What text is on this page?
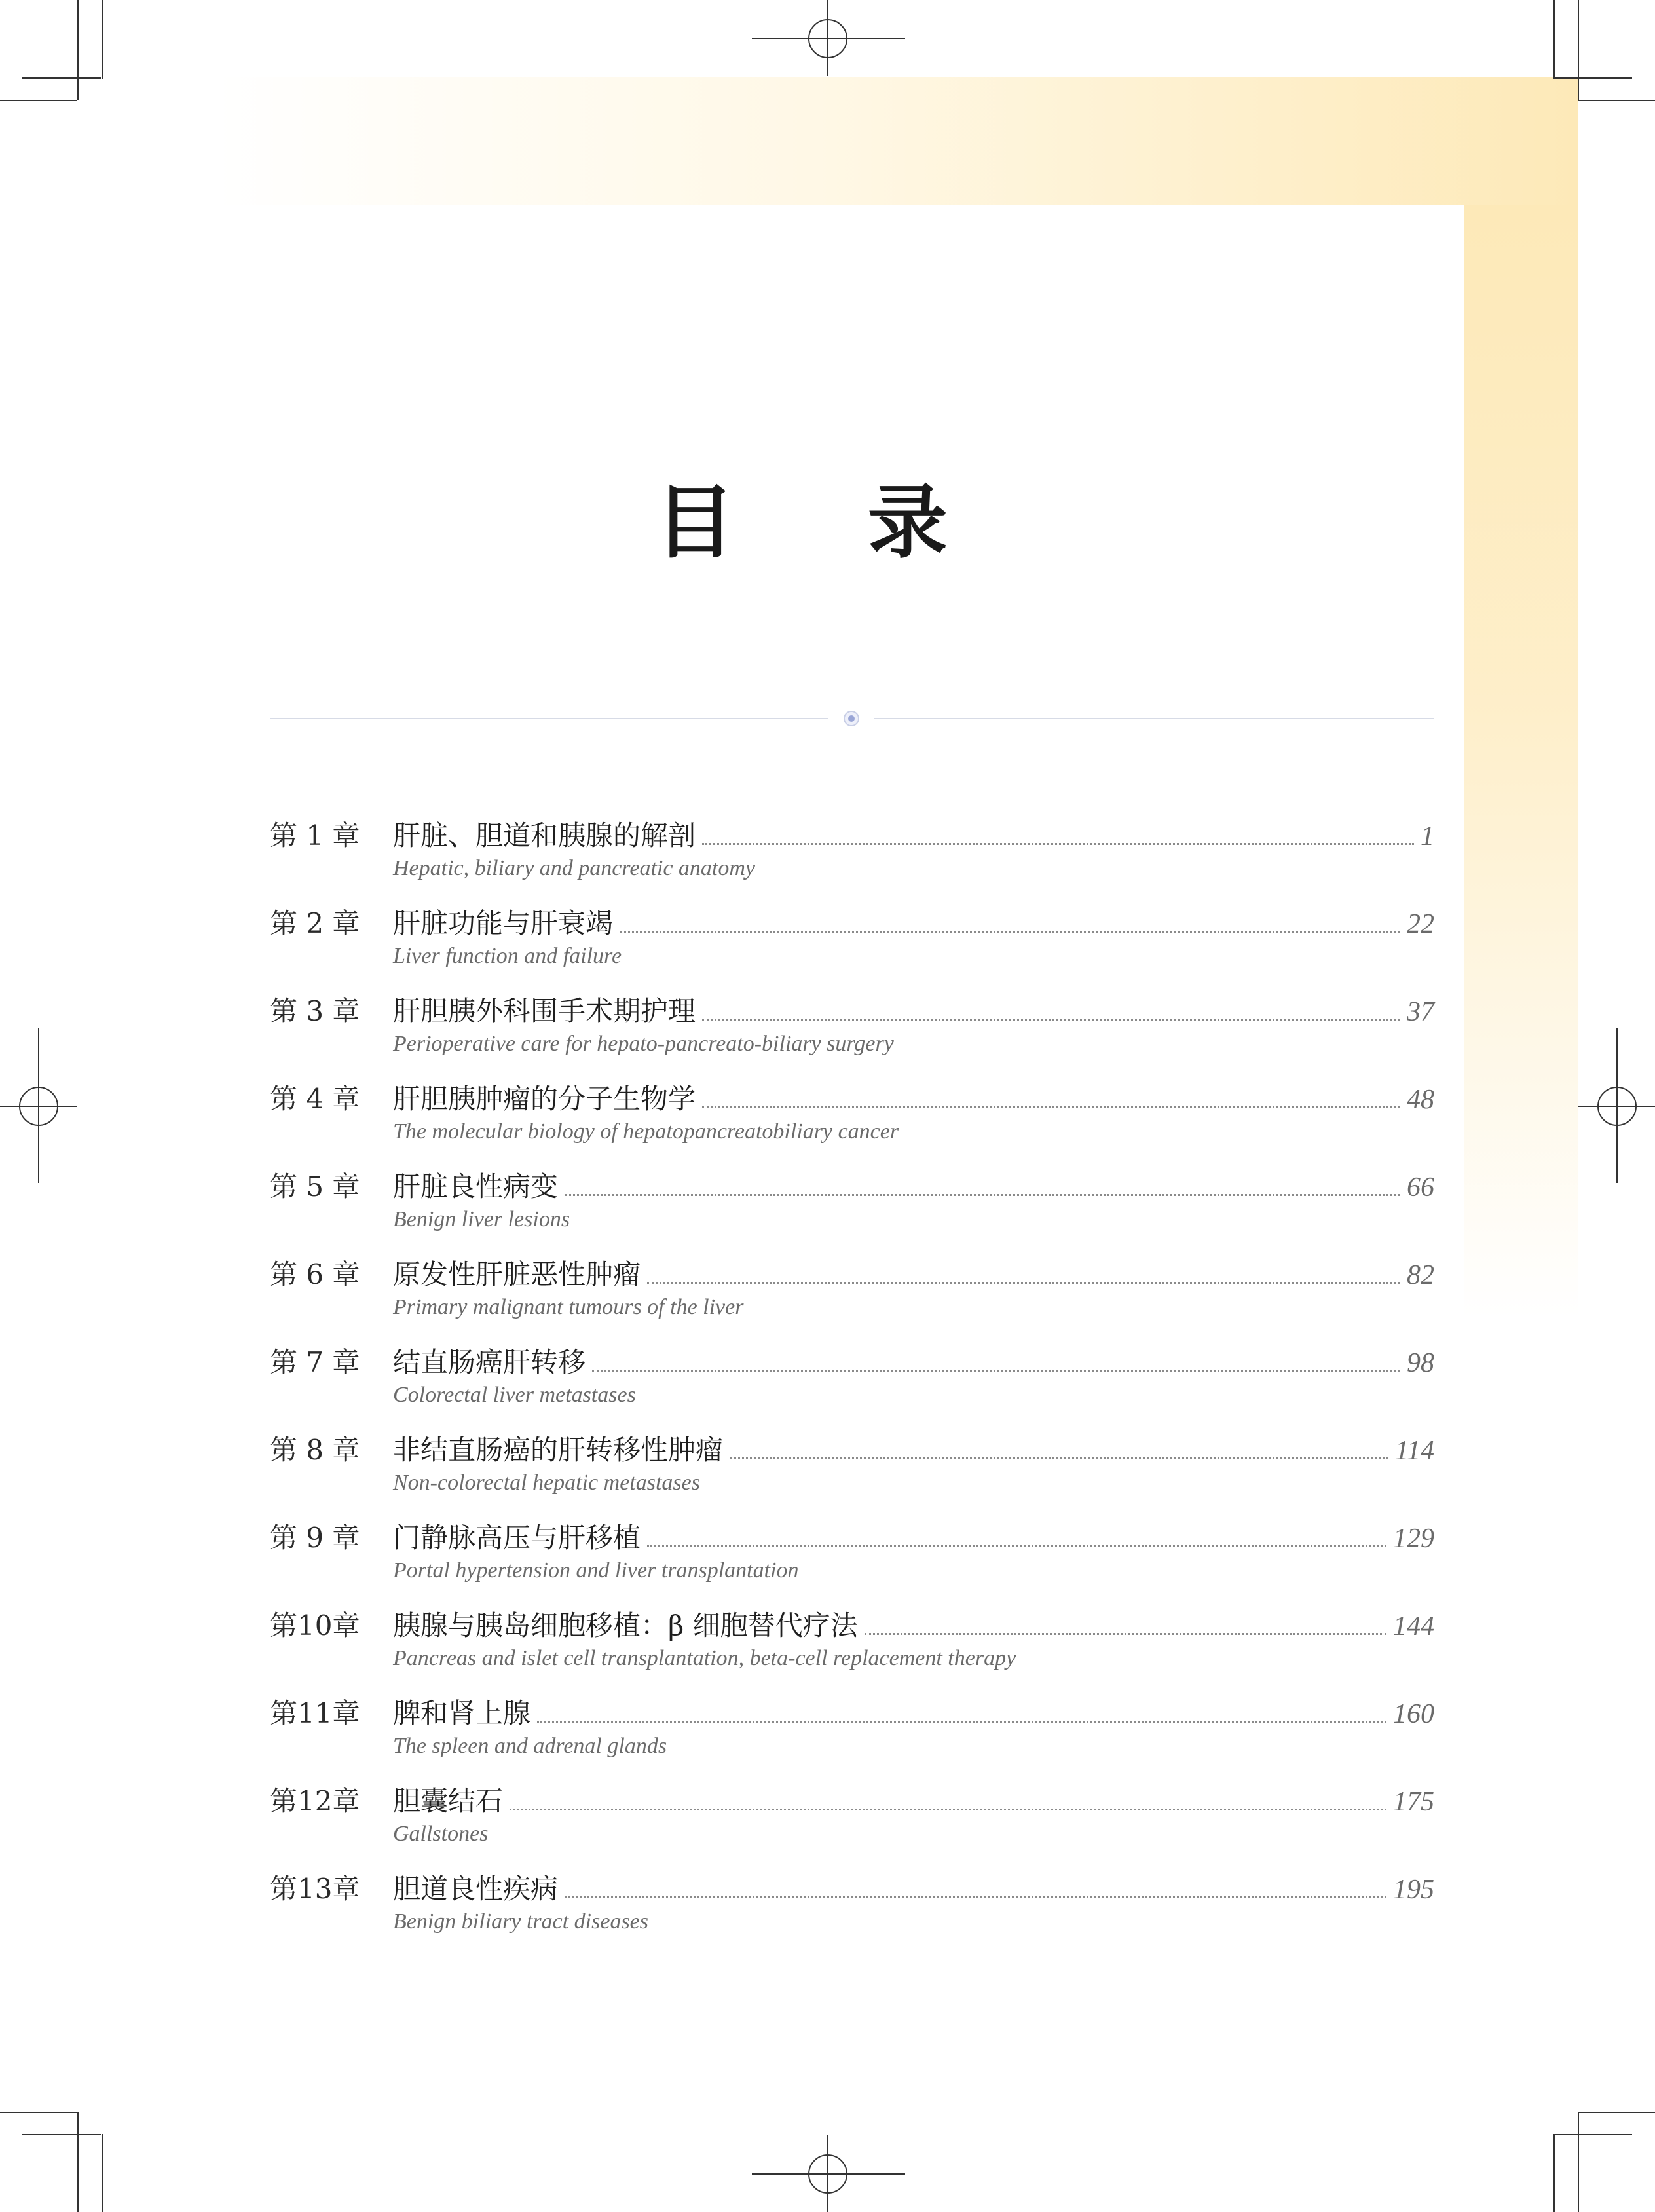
目 录
第 1 章	肝脏、胆道和胰腺的解剖	1
Hepatic, biliary and pancreatic anatomy
第 2 章	肝脏功能与肝衰竭	22
Liver function and failure
第 3 章	肝胆胰外科围手术期护理	37
Perioperative care for hepato-pancreato-biliary surgery
第 4 章	肝胆胰肿瘤的分子生物学	48
The molecular biology of hepatopancreatobiliary cancer
第 5 章	肝脏良性病变	66
Benign liver lesions
第 6 章	原发性肝脏恶性肿瘤	82
Primary malignant tumours of the liver
第 7 章	结直肠癌肝转移	98
Colorectal liver metastases
第 8 章	非结直肠癌的肝转移性肿瘤	114
Non-colorectal hepatic metastases
第 9 章	门静脉高压与肝移植	129
Portal hypertension and liver transplantation
第10章	胰腺与胰岛细胞移植：β 细胞替代疗法	144
Pancreas and islet cell transplantation, beta-cell replacement therapy
第11章	脾和肾上腺	160
The spleen and adrenal glands
第12章	胆囊结石	175
Gallstones
第13章	胆道良性疾病	195
Benign biliary tract diseases
